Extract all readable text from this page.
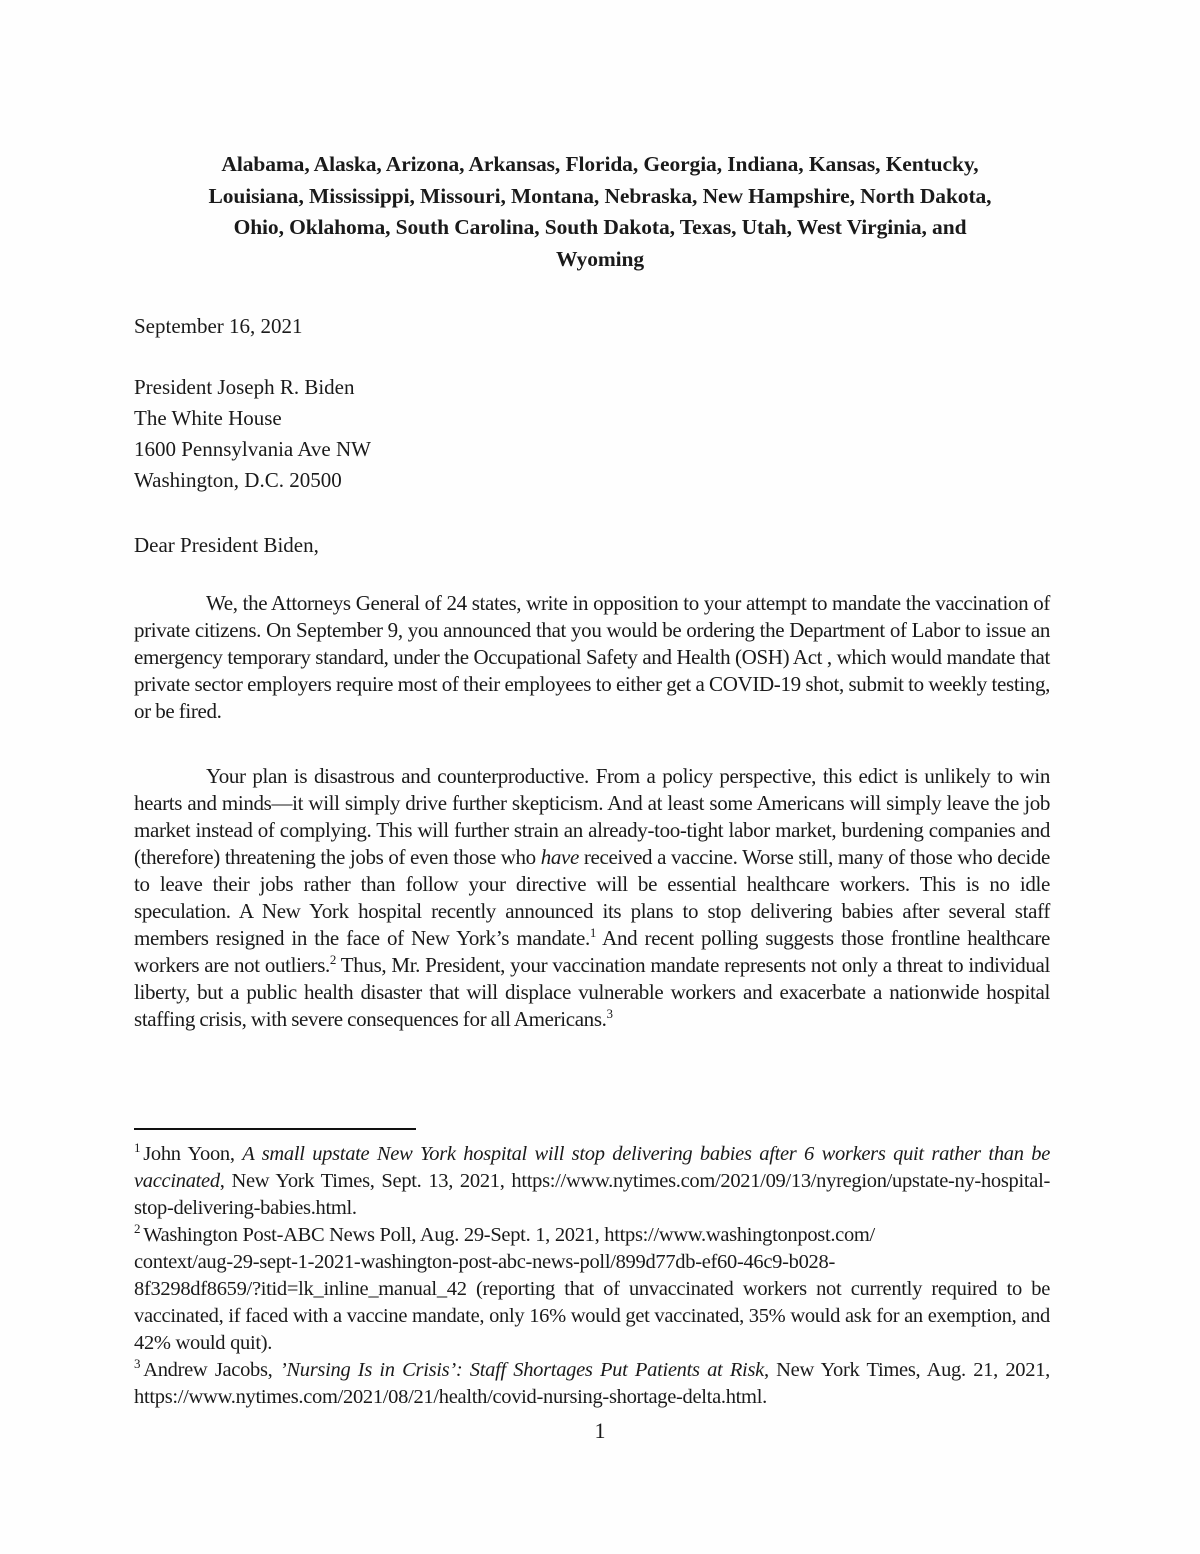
Alabama, Alaska, Arizona, Arkansas, Florida, Georgia, Indiana, Kansas, Kentucky,
Louisiana, Mississippi, Missouri, Montana, Nebraska, New Hampshire, North Dakota,
Ohio, Oklahoma, South Carolina, South Dakota, Texas, Utah, West Virginia, and
Wyoming
September 16, 2021
President Joseph R. Biden
The White House
1600 Pennsylvania Ave NW
Washington, D.C. 20500
Dear President Biden,

We, the Attorneys General of 24 states, write in opposition to your attempt to mandate the vaccination of private citizens. On September 9, you announced that you would be ordering the Department of Labor to issue an emergency temporary standard, under the Occupational Safety and Health (OSH) Act , which would mandate that private sector employers require most of their employees to either get a COVID-19 shot, submit to weekly testing, or be fired.

Your plan is disastrous and counterproductive. From a policy perspective, this edict is unlikely to win hearts and minds—it will simply drive further skepticism. And at least some Americans will simply leave the job market instead of complying. This will further strain an already-too-tight labor market, burdening companies and (therefore) threatening the jobs of even those who have received a vaccine. Worse still, many of those who decide to leave their jobs rather than follow your directive will be essential healthcare workers. This is no idle speculation. A New York hospital recently announced its plans to stop delivering babies after several staff members resigned in the face of New York’s mandate.$^1$ And recent polling suggests those frontline healthcare workers are not outliers.$^2$ Thus, Mr. President, your vaccination mandate represents not only a threat to individual liberty, but a public health disaster that will displace vulnerable workers and exacerbate a nationwide hospital staffing crisis, with severe consequences for all Americans.$^3$

$^1$ John Yoon, A small upstate New York hospital will stop delivering babies after 6 workers quit rather than be vaccinated, New York Times, Sept. 13, 2021, https://www.nytimes.com/2021/09/13/nyregion/upstate-ny-hospital-stop-delivering-babies.html.
$^2$ Washington Post-ABC News Poll, Aug. 29-Sept. 1, 2021, https://www.washingtonpost.com/
context/aug-29-sept-1-2021-washington-post-abc-news-poll/899d77db-ef60-46c9-b028-
8f3298df8659/?itid=lk_inline_manual_42 (reporting that of unvaccinated workers not currently required to be vaccinated, if faced with a vaccine mandate, only 16% would get vaccinated, 35% would ask for an exemption, and 42% would quit).
$^3$ Andrew Jacobs, ’Nursing Is in Crisis’: Staff Shortages Put Patients at Risk, New York Times, Aug. 21, 2021, https://www.nytimes.com/2021/08/21/health/covid-nursing-shortage-delta.html.
1
